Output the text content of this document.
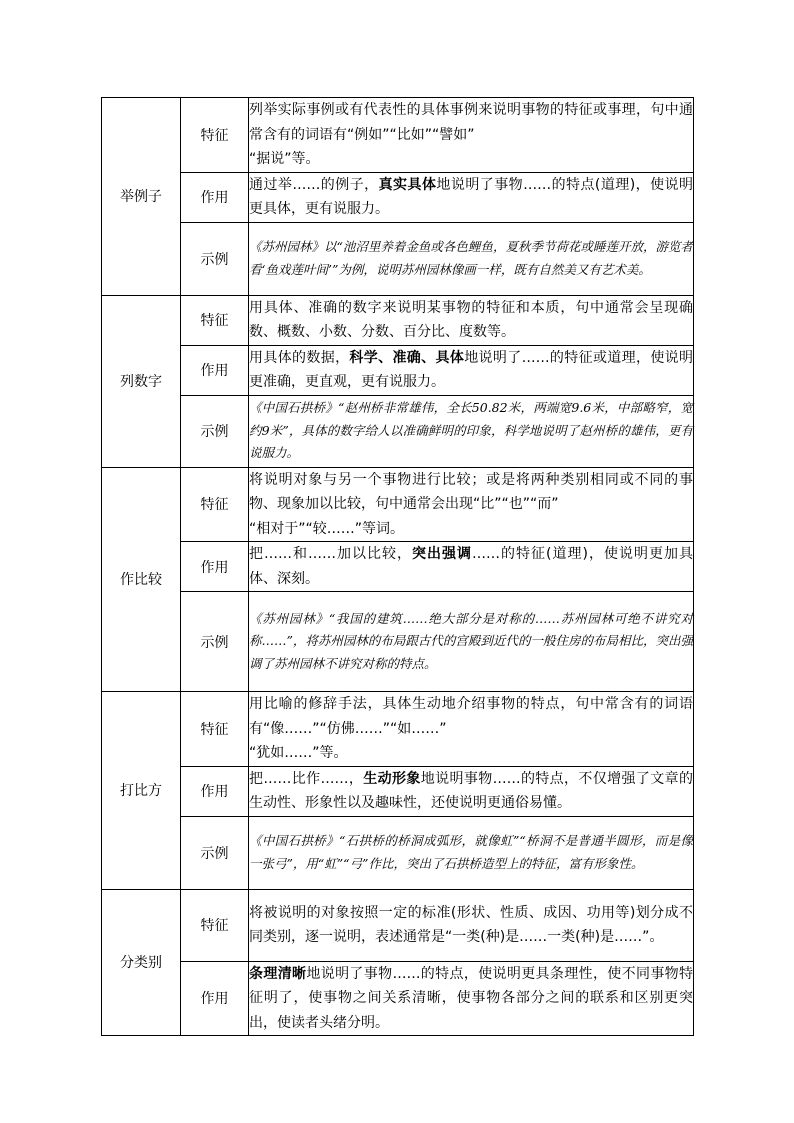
举例子	特征	列举实际事例或有代表性的具体事例来说明事物的特征或事理，句中通常含有的词语有“例如”“比如”“譬如”
“据说”等。
	作用	通过举……的例子，真实具体地说明了事物……的特点(道理)，使说明更具体，更有说服力。
	示例	《苏州园林》以“池沼里养着金鱼或各色鲤鱼，夏秋季节荷花或睡莲开放，游览者看‘鱼戏莲叶间’”为例，说明苏州园林像画一样，既有自然美又有艺术美。
列数字	特征	用具体、准确的数字来说明某事物的特征和本质，句中通常会呈现确数、概数、小数、分数、百分比、度数等。
	作用	用具体的数据，科学、准确、具体地说明了……的特征或道理，使说明更准确，更直观，更有说服力。
	示例	《中国石拱桥》“赵州桥非常雄伟，全长50.82米，两端宽9.6米，中部略窄，宽约9米”，具体的数字给人以准确鲜明的印象，科学地说明了赵州桥的雄伟，更有说服力。
作比较	特征	将说明对象与另一个事物进行比较；或是将两种类别相同或不同的事物、现象加以比较，句中通常会出现“比”“也”“而”
“相对于”“较……”等词。
	作用	把……和……加以比较，突出强调……的特征(道理)，使说明更加具体、深刻。
	示例	《苏州园林》“我国的建筑……绝大部分是对称的……苏州园林可绝不讲究对称……”，将苏州园林的布局跟古代的宫殿到近代的一般住房的布局相比，突出强调了苏州园林不讲究对称的特点。
打比方	特征	用比喻的修辞手法，具体生动地介绍事物的特点，句中常含有的词语有“像……”“仿佛……”“如……”
“犹如……”等。
	作用	把……比作……，生动形象地说明事物……的特点，不仅增强了文章的生动性、形象性以及趣味性，还使说明更通俗易懂。
	示例	《中国石拱桥》“石拱桥的桥洞成弧形，就像虹”“桥洞不是普通半圆形，而是像一张弓”，用“虹”“弓”作比，突出了石拱桥造型上的特征，富有形象性。
分类别	特征	将被说明的对象按照一定的标准(形状、性质、成因、功用等)划分成不同类别，逐一说明，表述通常是“一类(种)是……一类(种)是……”。
	作用	条理清晰地说明了事物……的特点，使说明更具条理性，使不同事物特征明了，使事物之间关系清晰，使事物各部分之间的联系和区别更突出，使读者头绪分明。
